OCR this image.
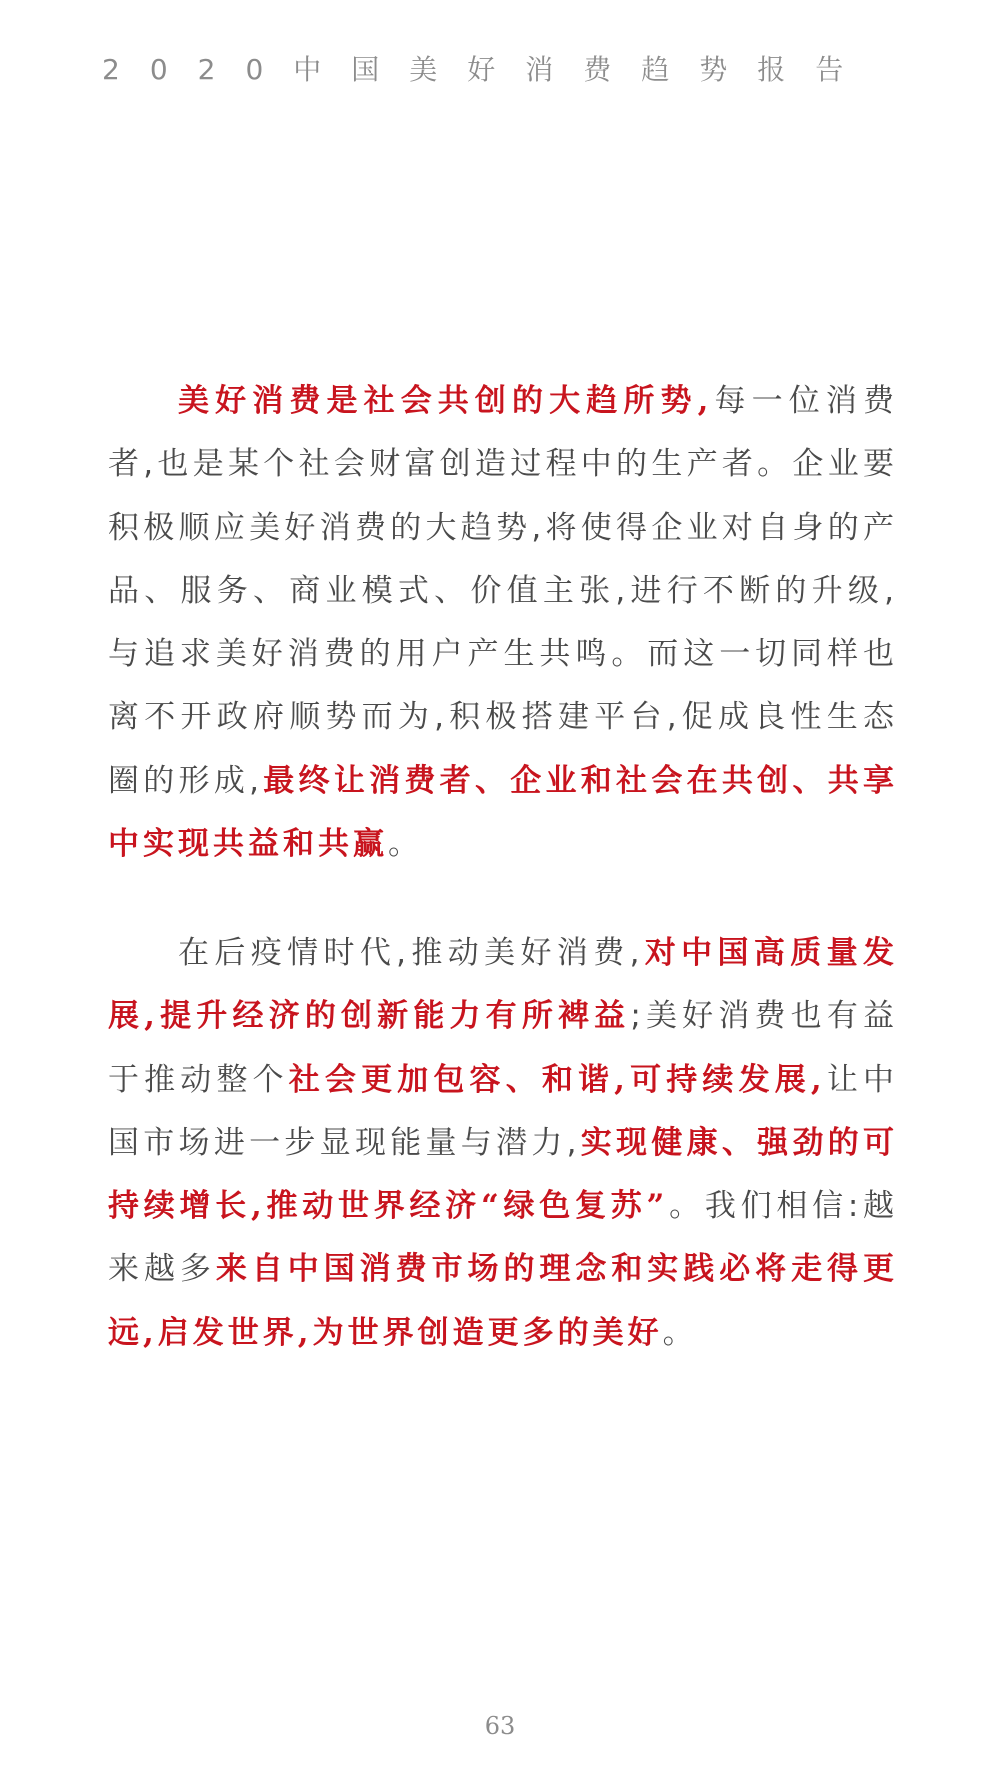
2020中国美好消费趋势报告

美好消费是社会共创的大趋所势,每一位消费者,也是某个社会财富创造过程中的生产者。企业要积极顺应美好消费的大趋势,将使得企业对自身的产品、服务、商业模式、价值主张,进行不断的升级,与追求美好消费的用户产生共鸣。而这一切同样也离不开政府顺势而为,积极搭建平台,促成良性生态圈的形成,最终让消费者、企业和社会在共创、共享中实现共益和共赢。

在后疫情时代,推动美好消费,对中国高质量发展,提升经济的创新能力有所裨益;美好消费也有益于推动整个社会更加包容、和谐,可持续发展,让中国市场进一步显现能量与潜力,实现健康、强劲的可持续增长,推动世界经济“绿色复苏”。我们相信:越来越多来自中国消费市场的理念和实践必将走得更远,启发世界,为世界创造更多的美好。

63
